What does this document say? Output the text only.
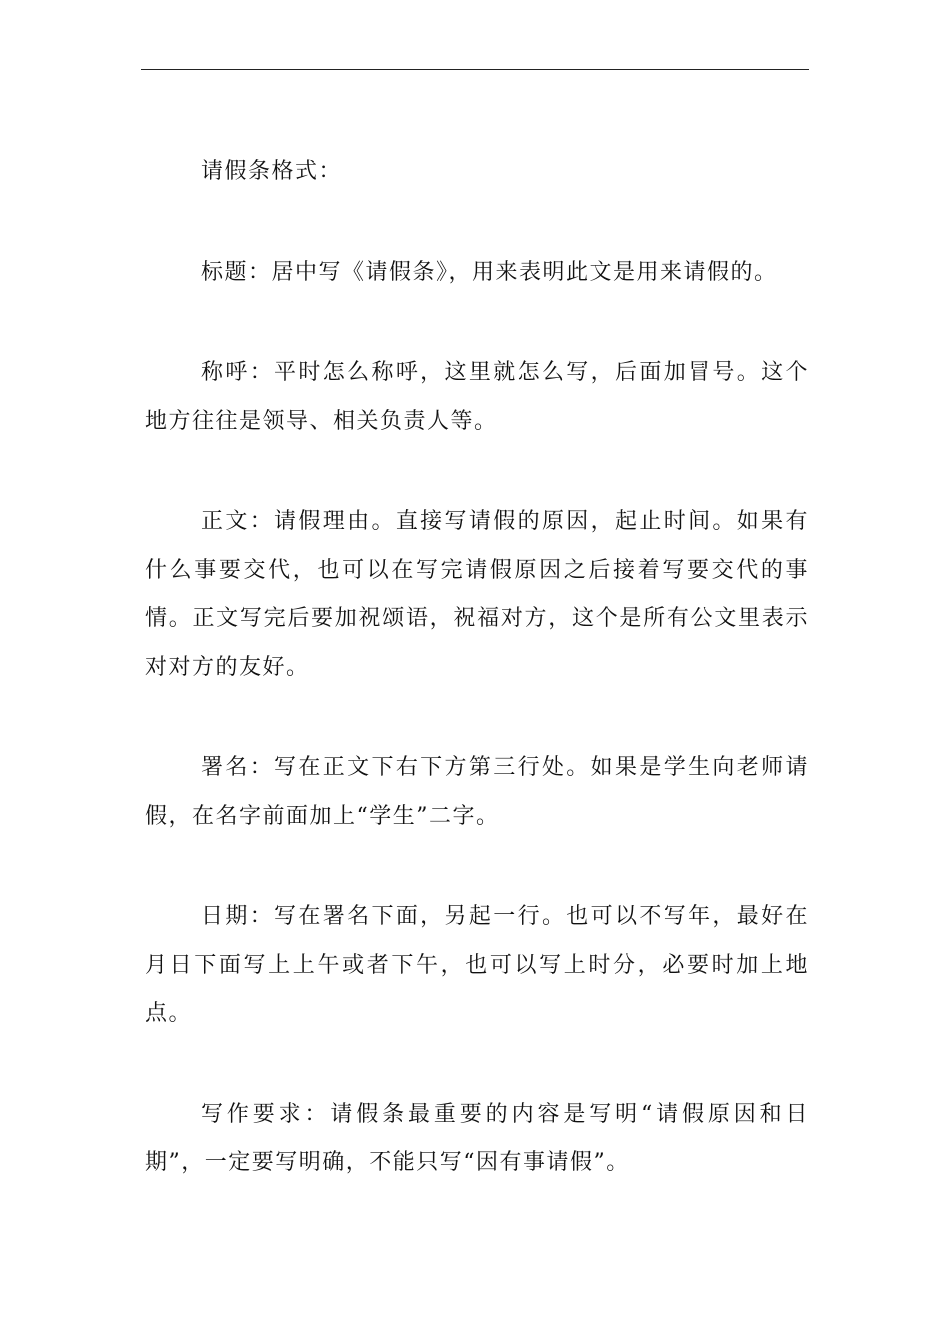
请假条格式：

标题：居中写《请假条》，用来表明此文是用来请假的。

称呼：平时怎么称呼，这里就怎么写，后面加冒号。这个地方往往是领导、相关负责人等。

正文：请假理由。直接写请假的原因，起止时间。如果有什么事要交代，也可以在写完请假原因之后接着写要交代的事情。正文写完后要加祝颂语，祝福对方，这个是所有公文里表示对对方的友好。

署名：写在正文下右下方第三行处。如果是学生向老师请假，在名字前面加上“学生”二字。

日期：写在署名下面，另起一行。也可以不写年，最好在月日下面写上上午或者下午，也可以写上时分，必要时加上地点。

写作要求：请假条最重要的内容是写明“请假原因和日期”，一定要写明确，不能只写“因有事请假”。
